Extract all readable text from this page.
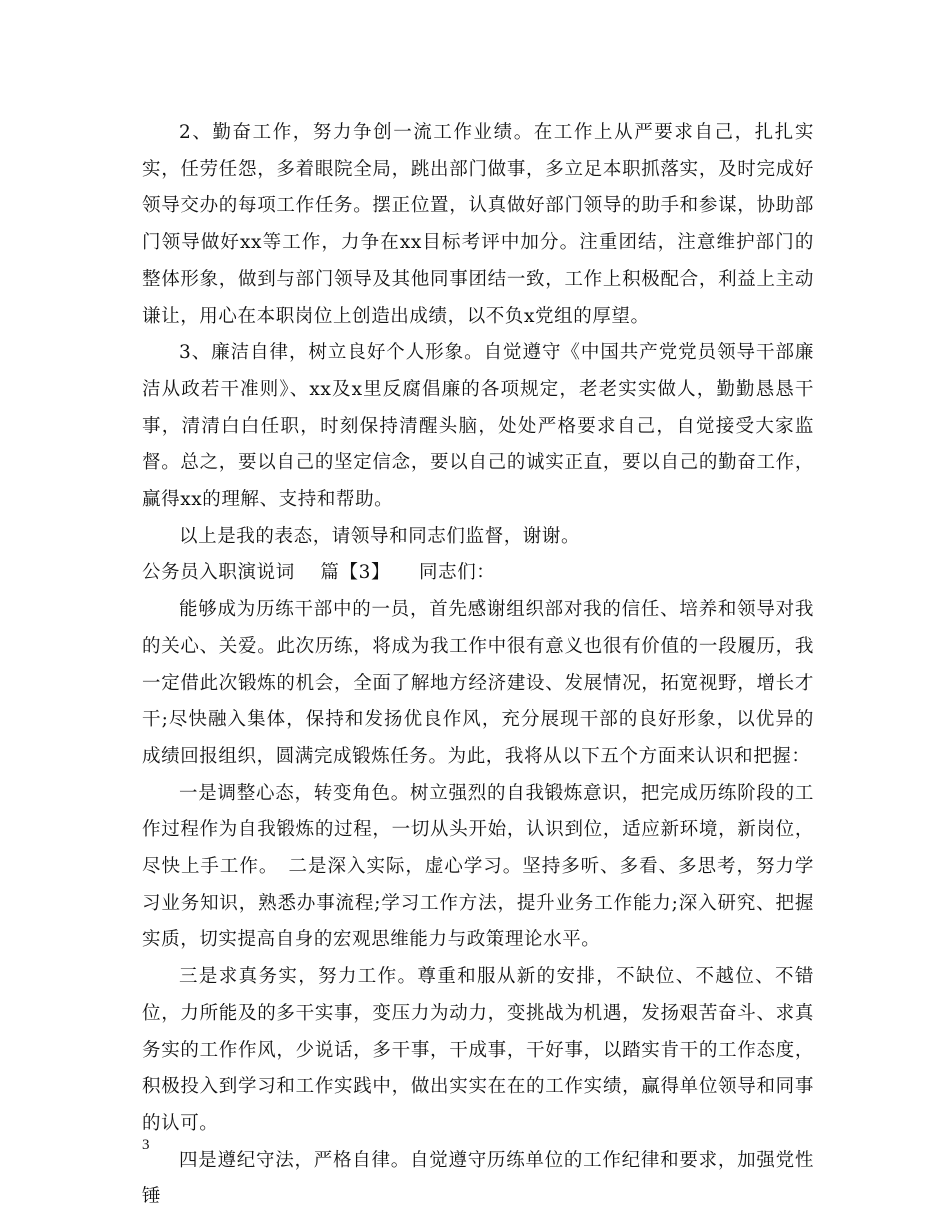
2、勤奋工作，努力争创一流工作业绩。在工作上从严要求自己，扎扎实实，任劳任怨，多着眼院全局，跳出部门做事，多立足本职抓落实，及时完成好领导交办的每项工作任务。摆正位置，认真做好部门领导的助手和参谋，协助部门领导做好xx等工作，力争在xx目标考评中加分。注重团结，注意维护部门的整体形象，做到与部门领导及其他同事团结一致，工作上积极配合，利益上主动谦让，用心在本职岗位上创造出成绩，以不负x党组的厚望。

3、廉洁自律，树立良好个人形象。自觉遵守《中国共产党党员领导干部廉洁从政若干准则》、xx及x里反腐倡廉的各项规定，老老实实做人，勤勤恳恳干事，清清白白任职，时刻保持清醒头脑，处处严格要求自己，自觉接受大家监督。总之，要以自己的坚定信念，要以自己的诚实正直，要以自己的勤奋工作，赢得xx的理解、支持和帮助。

以上是我的表态，请领导和同志们监督，谢谢。

公务员入职演说词　 篇【3】　　同志们：

能够成为历练干部中的一员，首先感谢组织部对我的信任、培养和领导对我的关心、关爱。此次历练，将成为我工作中很有意义也很有价值的一段履历，我一定借此次锻炼的机会，全面了解地方经济建设、发展情况，拓宽视野，增长才干;尽快融入集体，保持和发扬优良作风，充分展现干部的良好形象，以优异的成绩回报组织，圆满完成锻炼任务。为此，我将从以下五个方面来认识和把握：

一是调整心态，转变角色。树立强烈的自我锻炼意识，把完成历练阶段的工作过程作为自我锻炼的过程，一切从头开始，认识到位，适应新环境，新岗位，尽快上手工作。　二是深入实际，虚心学习。坚持多听、多看、多思考，努力学习业务知识，熟悉办事流程;学习工作方法，提升业务工作能力;深入研究、把握实质，切实提高自身的宏观思维能力与政策理论水平。

三是求真务实，努力工作。尊重和服从新的安排，不缺位、不越位、不错位，力所能及的多干实事，变压力为动力，变挑战为机遇，发扬艰苦奋斗、求真务实的工作作风，少说话，多干事，干成事，干好事，以踏实肯干的工作态度，积极投入到学习和工作实践中，做出实实在在的工作实绩，赢得单位领导和同事的认可。

四是遵纪守法，严格自律。自觉遵守历练单位的工作纪律和要求，加强党性锤

3
